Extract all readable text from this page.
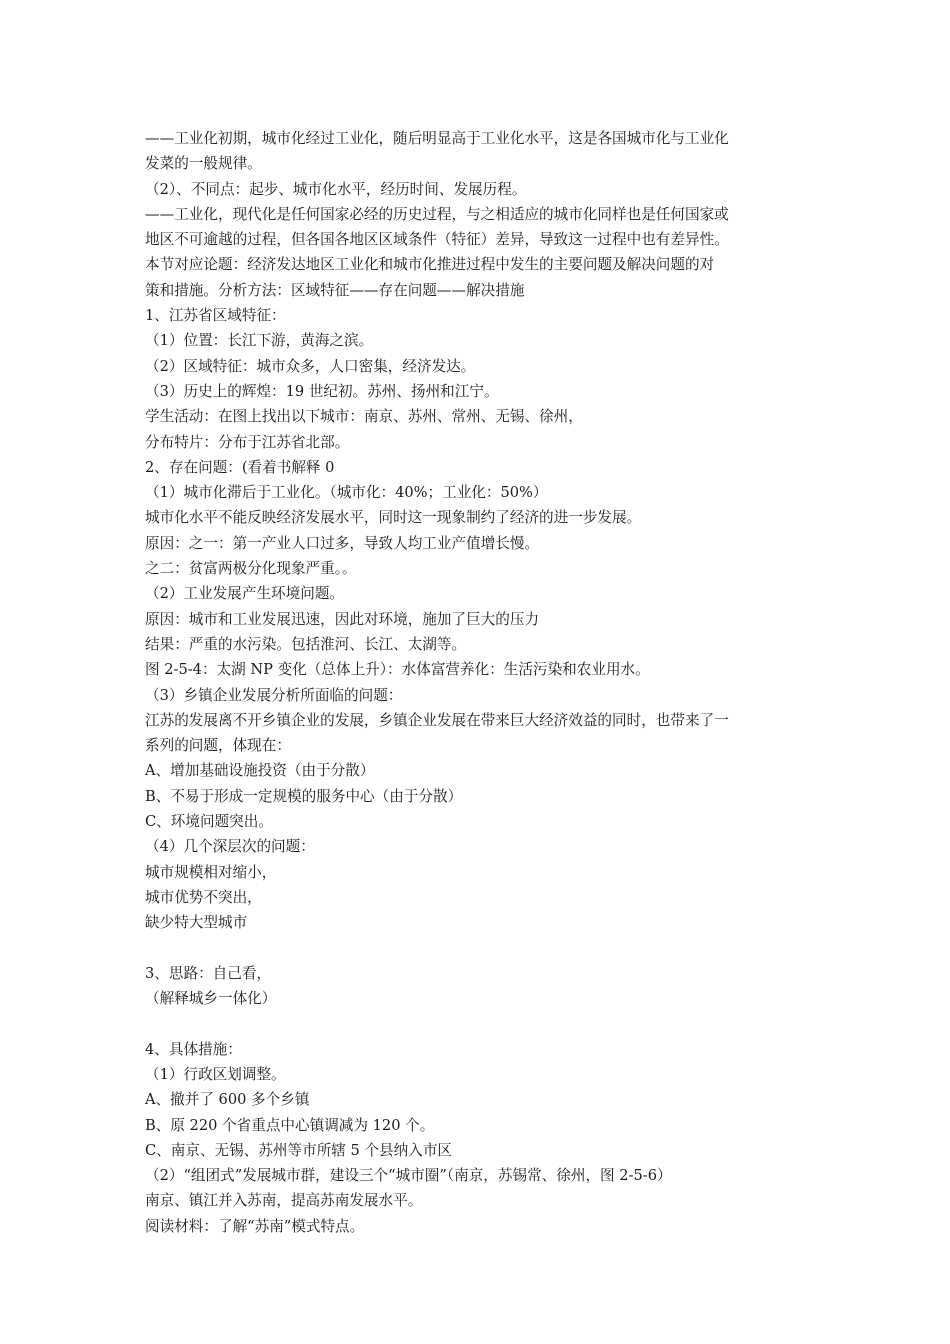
——工业化初期，城市化经过工业化，随后明显高于工业化水平，这是各国城市化与工业化
发菜的一般规律。
（2）、不同点：起步、城市化水平，经历时间、发展历程。
——工业化，现代化是任何国家必经的历史过程，与之相适应的城市化同样也是任何国家或
地区不可逾越的过程，但各国各地区区域条件（特征）差异，导致这一过程中也有差异性。
本节对应论题：经济发达地区工业化和城市化推进过程中发生的主要问题及解决问题的对
策和措施。分析方法：区域特征——存在问题——解决措施
1、江苏省区域特征：
（1）位置：长江下游，黄海之滨。
（2）区域特征：城市众多，人口密集，经济发达。
（3）历史上的辉煌：19 世纪初。苏州、扬州和江宁。
学生活动：在图上找出以下城市：南京、苏州、常州、无锡、徐州，
分布特片：分布于江苏省北部。
2、存在问题：(看着书解释 0
（1）城市化滞后于工业化。（城市化：40%；工业化：50%）
城市化水平不能反映经济发展水平，同时这一现象制约了经济的进一步发展。
原因：之一：第一产业人口过多，导致人均工业产值增长慢。
之二：贫富两极分化现象严重。。
（2）工业发展产生环境问题。
原因：城市和工业发展迅速，因此对环境，施加了巨大的压力
结果：严重的水污染。包括淮河、长江、太湖等。
图 2-5-4：太湖 NP 变化（总体上升）：水体富营养化：生活污染和农业用水。
（3）乡镇企业发展分析所面临的问题：
江苏的发展离不开乡镇企业的发展，乡镇企业发展在带来巨大经济效益的同时，也带来了一
系列的问题，体现在：
A、增加基础设施投资（由于分散）
B、不易于形成一定规模的服务中心（由于分散）
C、环境问题突出。
（4）几个深层次的问题：
城市规模相对缩小，
城市优势不突出，
缺少特大型城市
3、思路：自己看，
（解释城乡一体化）
4、具体措施：
（1）行政区划调整。
A、撤并了 600 多个乡镇
B、原 220 个省重点中心镇调减为 120 个。
C、南京、无锡、苏州等市所辖 5 个县纳入市区
（2）“组团式”发展城市群，建设三个“城市圈”（南京，苏锡常、徐州，图 2-5-6）
南京、镇江并入苏南，提高苏南发展水平。
阅读材料：了解“苏南”模式特点。
